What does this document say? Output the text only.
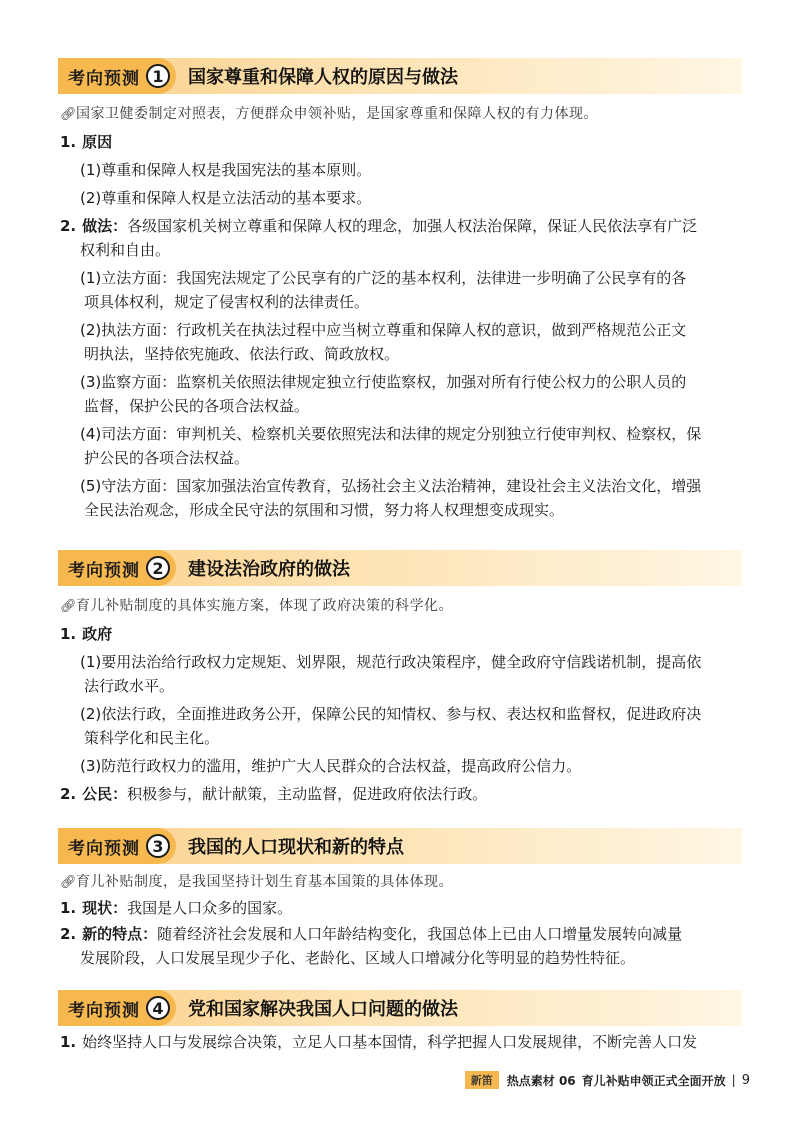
考向预测 1	国家尊重和保障人权的原因与做法
🔗︎国家卫健委制定对照表，方便群众申领补贴，是国家尊重和保障人权的有力体现。
1. 原因
(1)尊重和保障人权是我国宪法的基本原则。
(2)尊重和保障人权是立法活动的基本要求。
2. 做法：各级国家机关树立尊重和保障人权的理念，加强人权法治保障，保证人民依法享有广泛
权利和自由。
(1)立法方面：我国宪法规定了公民享有的广泛的基本权利，法律进一步明确了公民享有的各
项具体权利，规定了侵害权利的法律责任。
(2)执法方面：行政机关在执法过程中应当树立尊重和保障人权的意识，做到严格规范公正文
明执法，坚持依宪施政、依法行政、简政放权。
(3)监察方面：监察机关依照法律规定独立行使监察权，加强对所有行使公权力的公职人员的
监督，保护公民的各项合法权益。
(4)司法方面：审判机关、检察机关要依照宪法和法律的规定分别独立行使审判权、检察权，保
护公民的各项合法权益。
(5)守法方面：国家加强法治宣传教育，弘扬社会主义法治精神，建设社会主义法治文化，增强
全民法治观念，形成全民守法的氛围和习惯，努力将人权理想变成现实。
考向预测 2	建设法治政府的做法
🔗︎育儿补贴制度的具体实施方案，体现了政府决策的科学化。
1. 政府
(1)要用法治给行政权力定规矩、划界限，规范行政决策程序，健全政府守信践诺机制，提高依
法行政水平。
(2)依法行政，全面推进政务公开，保障公民的知情权、参与权、表达权和监督权，促进政府决
策科学化和民主化。
(3)防范行政权力的滥用，维护广大人民群众的合法权益，提高政府公信力。
2. 公民：积极参与，献计献策，主动监督，促进政府依法行政。
考向预测 3	我国的人口现状和新的特点
🔗︎育儿补贴制度，是我国坚持计划生育基本国策的具体体现。
1. 现状：我国是人口众多的国家。
2. 新的特点：随着经济社会发展和人口年龄结构变化，我国总体上已由人口增量发展转向减量
发展阶段，人口发展呈现少子化、老龄化、区域人口增减分化等明显的趋势性特征。
考向预测 4	党和国家解决我国人口问题的做法
1. 始终坚持人口与发展综合决策，立足人口基本国情，科学把握人口发展规律，不断完善人口发
新笛	热点素材 06 育儿补贴申领正式全面开放 | 9
